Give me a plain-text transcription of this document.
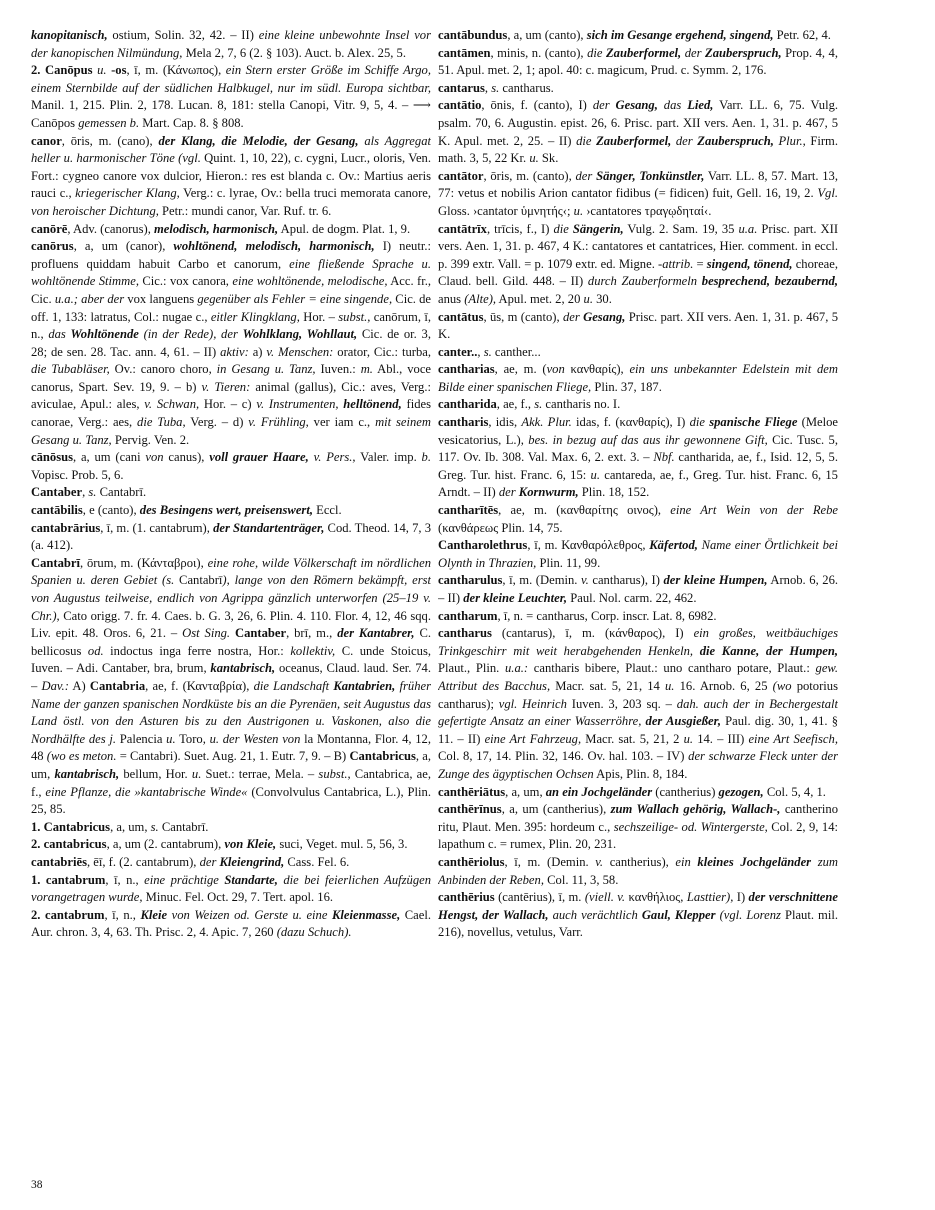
kanopitanisch, ostium, Solin. 32, 42. – II) eine kleine unbewohnte Insel vor der kanopischen Nilmündung, Mela 2, 7, 6 (2. § 103). Auct. b. Alex. 25, 5.

2. Canōpus u. -os, ī, m. (Κάνωπος), ein Stern erster Größe im Schiffe Argo, einem Sternbilde auf der südlichen Halbkugel, nur im südl. Europa sichtbar, Manil. 1, 215. Plin. 2, 178. Lucan. 8, 181: stella Canopi, Vitr. 9, 5, 4. – ⟶ Canōpos gemessen b. Mart. Cap. 8. § 808.

canor, ōris, m. (cano), der Klang, die Melodie, der Gesang, als Aggregat heller u. harmonischer Töne (vgl. Quint. 1, 10, 22), c. cygni, Lucr., oloris, Ven. Fort.: cygneo canore vox dulcior, Hieron.: res est blanda c. Ov.: Martius aeris rauci c., kriegerischer Klang, Verg.: c. lyrae, Ov.: bella truci memorata canore, von heroischer Dichtung, Petr.: mundi canor, Var. Ruf. tr. 6.

canōrē, Adv. (canorus), melodisch, harmonisch, Apul. de dogm. Plat. 1, 9.

canōrus, a, um (canor), wohltönend, melodisch, harmonisch, I) neutr.: profluens quiddam habuit Carbo et canorum, eine fließende Sprache u. wohltönende Stimme, Cic.: vox canora, eine wohltönende, melodische, Acc. fr., Cic. u.a.; aber der vox languens gegenüber als Fehler = eine singende, Cic. de off. 1, 133: latratus, Col.: nugae c., eitler Klingklang, Hor. – subst., canōrum, ī, n., das Wohltönende (in der Rede), der Wohlklang, Wohllaut, Cic. de or. 3, 28; de sen. 28. Tac. ann. 4, 61. – II) aktiv: a) v. Menschen: orator, Cic.: turba, die Tubabläser, Ov.: canoro choro, in Gesang u. Tanz, Iuven.: m. Abl., voce canorus, Spart. Sev. 19, 9. – b) v. Tieren: animal (gallus), Cic.: aves, Verg.: aviculae, Apul.: ales, v. Schwan, Hor. – c) v. Instrumenten, helltönend, fides canorae, Verg.: aes, die Tuba, Verg. – d) v. Frühling, ver iam c., mit seinem Gesang u. Tanz, Pervig. Ven. 2.

cānōsus, a, um (cani von canus), voll grauer Haare, v. Pers., Valer. imp. b. Vopisc. Prob. 5, 6.

Cantaber, s. Cantabrī.

cantābilis, e (canto), des Besingens wert, preisenswert, Eccl.

cantabrārius, ī, m. (1. cantabrum), der Standartenträger, Cod. Theod. 14, 7, 3 (a. 412).

Cantabrī, ōrum, m. (Κάνταβροι), eine rohe, wilde Völkerschaft im nördlichen Spanien u. deren Gebiet (s. Cantabrī), lange von den Römern bekämpft, erst von Augustus teilweise, endlich von Agrippa gänzlich unterworfen (25–19 v. Chr.), Cato origg. 7. fr. 4. Caes. b. G. 3, 26, 6. Plin. 4. 110. Flor. 4, 12, 46 sqq. Liv. epit. 48. Oros. 6, 21. – Ost Sing. Cantaber, brī, m., der Kantabrer, C. bellicosus od. indoctus inga ferre nostra, Hor.: kollektiv, C. unde Stoicus, Iuven. – Adi. Cantaber, bra, brum, kantabrisch, oceanus, Claud. laud. Ser. 74. – Dav.: A) Cantabria, ae, f. (Κανταβρία), die Landschaft Kantabrien, früher Name der ganzen spanischen Nordküste bis an die Pyrenäen, seit Augustus das Land östl. von den Asturen bis zu den Austrigonen u. Vaskonen, also die Nordhälfte des j. Palencia u. Toro, u. der Westen von la Montanna, Flor. 4, 12, 48 (wo es meton. = Cantabri). Suet. Aug. 21, 1. Eutr. 7, 9. – B) Cantabricus, a, um, kantabrisch, bellum, Hor. u. Suet.: terrae, Mela. – subst., Cantabrica, ae, f., eine Pflanze, die »kantabrische Winde« (Convolvulus Cantabrica, L.), Plin. 25, 85.

1. Cantabricus, a, um, s. Cantabrī.

2. cantabricus, a, um (2. cantabrum), von Kleie, suci, Veget. mul. 5, 56, 3.

cantabriēs, ēī, f. (2. cantabrum), der Kleiengrind, Cass. Fel. 6.

1. cantabrum, ī, n., eine prächtige Standarte, die bei feierlichen Aufzügen vorangetragen wurde, Minuc. Fel. Oct. 29, 7. Tert. apol. 16.

2. cantabrum, ī, n., Kleie von Weizen od. Gerste u. eine Kleienmasse, Cael. Aur. chron. 3, 4, 63. Th. Prisc. 2, 4. Apic. 7, 260 (dazu Schuch).

cantābundus, a, um (canto), sich im Gesange ergehend, singend, Petr. 62, 4.

cantāmen, minis, n. (canto), die Zauberformel, der Zauberspruch, Prop. 4, 4, 51. Apul. met. 2, 1; apol. 40: c. magicum, Prud. c. Symm. 2, 176.

cantarus, s. cantharus.

cantātio, ōnis, f. (canto), I) der Gesang, das Lied, Varr. LL. 6, 75. Vulg. psalm. 70, 6. Augustin. epist. 26, 6. Prisc. part. XII vers. Aen. 1, 31. p. 467, 5 K. Apul. met. 2, 25. – II) die Zauberformel, der Zauberspruch, Plur., Firm. math. 3, 5, 22 Kr. u. Sk.

cantātor, ōris, m. (canto), der Sänger, Tonkünstler, Varr. LL. 8, 57. Mart. 13, 77: vetus et nobilis Arion cantator fidibus (= fidicen) fuit, Gell. 16, 19, 2. Vgl. Gloss. ›cantator ὑμνητής‹; u. ›cantatores τραγῳδηταί‹.

cantātrīx, trīcis, f., I) die Sängerin, Vulg. 2. Sam. 19, 35 u.a. Prisc. part. XII vers. Aen. 1, 31. p. 467, 4 K.: cantatores et cantatrices, Hier. comment. in eccl. p. 399 extr. Vall. = p. 1079 extr. ed. Migne. -attrib. = singend, tönend, choreae, Claud. bell. Gild. 448. – II) durch Zauberformeln besprechend, bezaubernd, anus (Alte), Apul. met. 2, 20 u. 30.

cantātus, ūs, m (canto), der Gesang, Prisc. part. XII vers. Aen. 1, 31. p. 467, 5 K.

canter.., s. canther...

cantharias, ae, m. (von κανθαρίς), ein uns unbekannter Edelstein mit dem Bilde einer spanischen Fliege, Plin. 37, 187.

cantharida, ae, f., s. cantharis no. I.

cantharis, idis, Akk. Plur. idas, f. (κανθαρίς), I) die spanische Fliege (Meloe vesicatorius, L.), bes. in bezug auf das aus ihr gewonnene Gift, Cic. Tusc. 5, 117. Ov. Ib. 308. Val. Max. 6, 2. ext. 3. – Nbf. cantharida, ae, f., Isid. 12, 5, 5. Greg. Tur. hist. Franc. 6, 15: u. cantareda, ae, f., Greg. Tur. hist. Franc. 6, 15 Arndt. – II) der Kornwurm, Plin. 18, 152.

cantharītēs, ae, m. (κανθαρίτης οινος), eine Art Wein von der Rebe (κανθάρεως Plin. 14, 75.

Cantharolethrus, ī, m. Κανθαρόλεθρος, Käfertod, Name einer Örtlichkeit bei Olynth in Thrazien, Plin. 11, 99.

cantharulus, ī, m. (Demin. v. cantharus), I) der kleine Humpen, Arnob. 6, 26. – II) der kleine Leuchter, Paul. Nol. carm. 22, 462.

cantharum, ī, n. = cantharus, Corp. inscr. Lat. 8, 6982.

cantharus (cantarus), ī, m. (κάνθαρος), I) ein großes, weitbäuchiges Trinkgeschirr mit weit herabgehenden Henkeln, die Kanne, der Humpen, Plaut., Plin. u.a.: cantharis bibere, Plaut.: uno cantharo potare, Plaut.: gew. Attribut des Bacchus, Macr. sat. 5, 21, 14 u. 16. Arnob. 6, 25 (wo potorius cantharus); vgl. Heinrich Iuven. 3, 203 sq. – dah. auch der in Bechergestalt gefertigte Ansatz an einer Wasserröhre, der Ausgießer, Paul. dig. 30, 1, 41. § 11. – II) eine Art Fahrzeug, Macr. sat. 5, 21, 2 u. 14. – III) eine Art Seefisch, Col. 8, 17, 14. Plin. 32, 146. Ov. hal. 103. – IV) der schwarze Fleck unter der Zunge des ägyptischen Ochsen Apis, Plin. 8, 184.

canthēriātus, a, um, an ein Jochgeländer (cantherius) gezogen, Col. 5, 4, 1.

canthērīnus, a, um (cantherius), zum Wallach gehörig, Wallach-, cantherino ritu, Plaut. Men. 395: hordeum c., sechszeilige- od. Wintergerste, Col. 2, 9, 14: lapathum c. = rumex, Plin. 20, 231.

canthēriolus, ī, m. (Demin. v. cantherius), ein kleines Jochgeländer zum Anbinden der Reben, Col. 11, 3, 58.

canthērius (cantērius), ī, m. (viell. v. κανθήλιος, Lasttier), I) der verschnittene Hengst, der Wallach, auch verächtlich Gaul, Klepper (vgl. Lorenz Plaut. mil. 216), novellus, vetulus, Varr.

38
